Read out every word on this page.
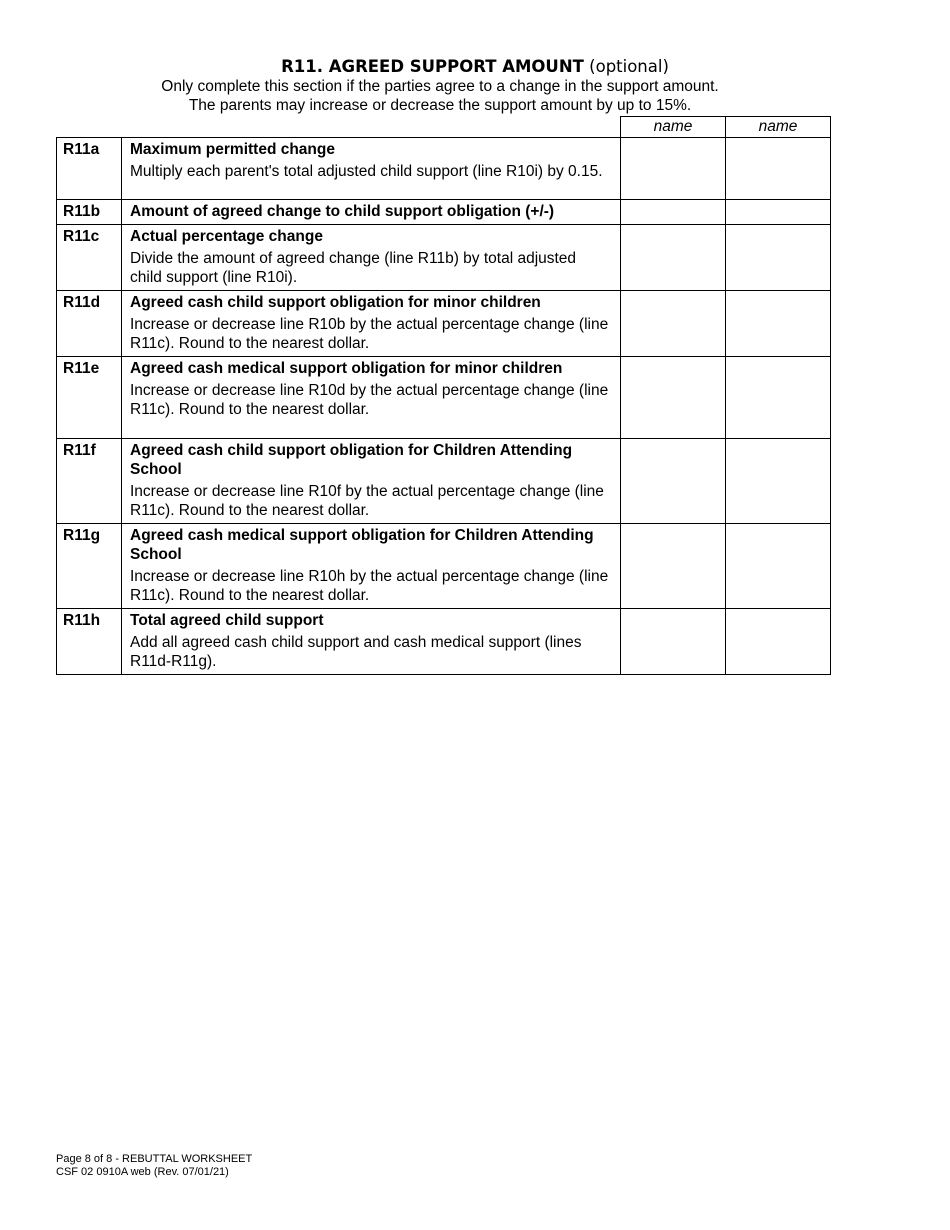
R11. AGREED SUPPORT AMOUNT (optional)
Only complete this section if the parties agree to a change in the support amount.
The parents may increase or decrease the support amount by up to 15%.
		name	name
R11a	Maximum permitted change
Multiply each parent's total adjusted child support (line R10i) by 0.15.		

R11b	Amount of agreed change to child support obligation (+/-)		

R11c	Actual percentage change
Divide the amount of agreed change (line R11b) by total adjusted child support (line R10i).		

R11d	Agreed cash child support obligation for minor children
Increase or decrease line R10b by the actual percentage change (line R11c). Round to the nearest dollar.		

R11e	Agreed cash medical support obligation for minor children
Increase or decrease line R10d by the actual percentage change (line R11c). Round to the nearest dollar.		

R11f	Agreed cash child support obligation for Children Attending School
Increase or decrease line R10f by the actual percentage change (line R11c). Round to the nearest dollar.		

R11g	Agreed cash medical support obligation for Children Attending School
Increase or decrease line R10h by the actual percentage change (line R11c). Round to the nearest dollar.		

R11h	Total agreed child support
Add all agreed cash child support and cash medical support (lines R11d-R11g).		

Page 8 of 8 - REBUTTAL WORKSHEET
CSF 02 0910A web (Rev. 07/01/21)
